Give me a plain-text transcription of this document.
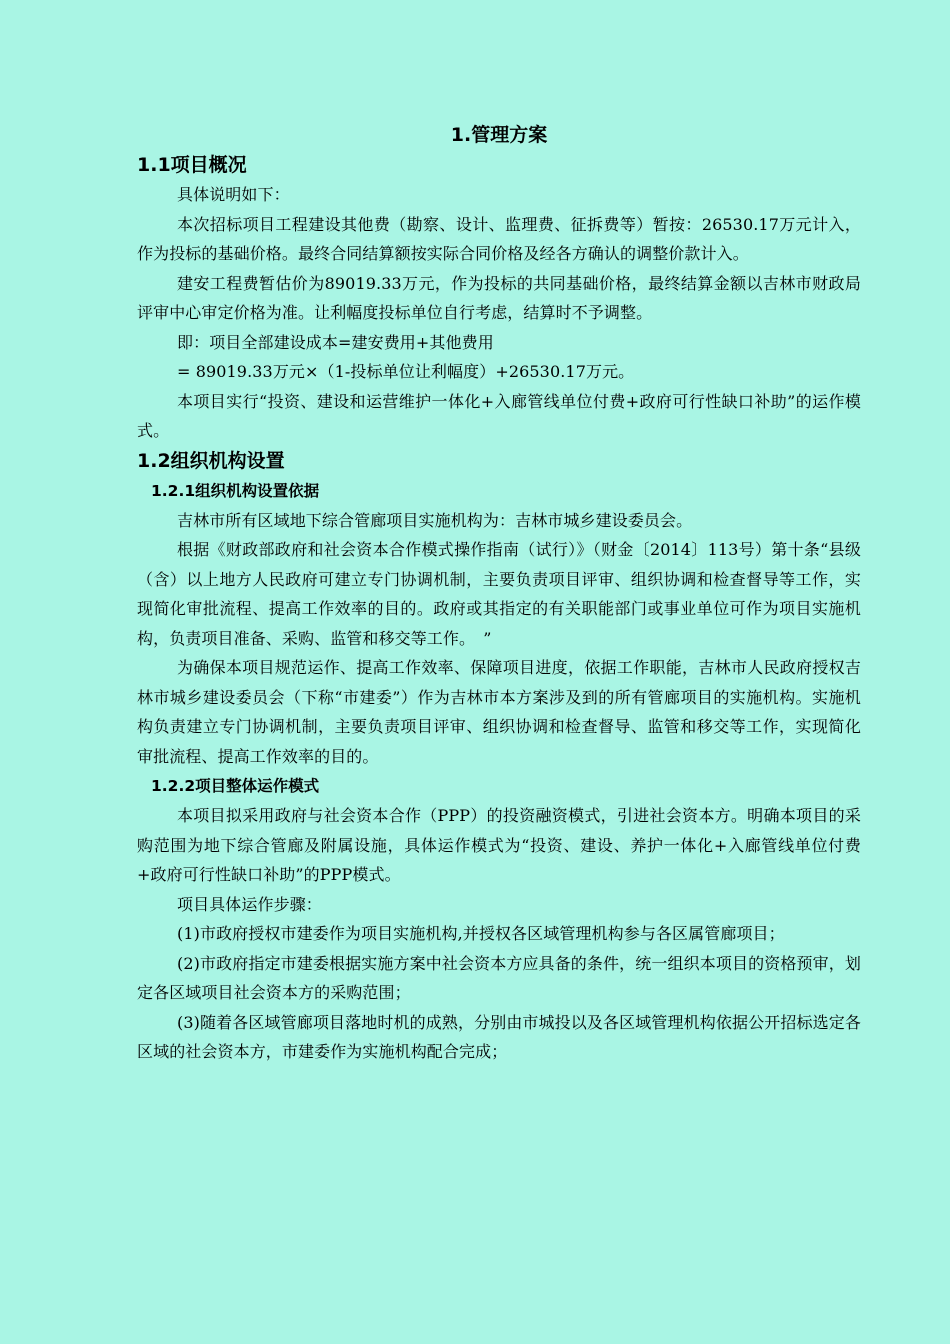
1.管理方案
1.1项目概况

具体说明如下：

本次招标项目工程建设其他费（勘察、设计、监理费、征拆费等）暂按：26530.17万元计入，作为投标的基础价格。最终合同结算额按实际合同价格及经各方确认的调整价款计入。

建安工程费暂估价为89019.33万元，作为投标的共同基础价格，最终结算金额以吉林市财政局评审中心审定价格为准。让利幅度投标单位自行考虑，结算时不予调整。

即：项目全部建设成本=建安费用+其他费用

= 89019.33万元×（1-投标单位让利幅度）+26530.17万元。

本项目实行“投资、建设和运营维护一体化+入廊管线单位付费+政府可行性缺口补助”的运作模式。

1.2组织机构设置
1.2.1组织机构设置依据

吉林市所有区域地下综合管廊项目实施机构为：吉林市城乡建设委员会。

根据《财政部政府和社会资本合作模式操作指南（试行）》（财金〔2014〕113号）第十条“县级（含）以上地方人民政府可建立专门协调机制，主要负责项目评审、组织协调和检查督导等工作，实现简化审批流程、提高工作效率的目的。政府或其指定的有关职能部门或事业单位可作为项目实施机构，负责项目准备、采购、监管和移交等工作。　”

为确保本项目规范运作、提高工作效率、保障项目进度，依据工作职能，吉林市人民政府授权吉林市城乡建设委员会（下称“市建委”）作为吉林市本方案涉及到的所有管廊项目的实施机构。实施机构负责建立专门协调机制，主要负责项目评审、组织协调和检查督导、监管和移交等工作，实现简化审批流程、提高工作效率的目的。

1.2.2项目整体运作模式

本项目拟采用政府与社会资本合作（PPP）的投资融资模式，引进社会资本方。明确本项目的采购范围为地下综合管廊及附属设施，具体运作模式为“投资、建设、养护一体化+入廊管线单位付费+政府可行性缺口补助”的PPP模式。

项目具体运作步骤：

(1)市政府授权市建委作为项目实施机构,并授权各区域管理机构参与各区属管廊项目；

(2)市政府指定市建委根据实施方案中社会资本方应具备的条件，统一组织本项目的资格预审，划定各区域项目社会资本方的采购范围；

(3)随着各区域管廊项目落地时机的成熟，分别由市城投以及各区域管理机构依据公开招标选定各区域的社会资本方，市建委作为实施机构配合完成；
